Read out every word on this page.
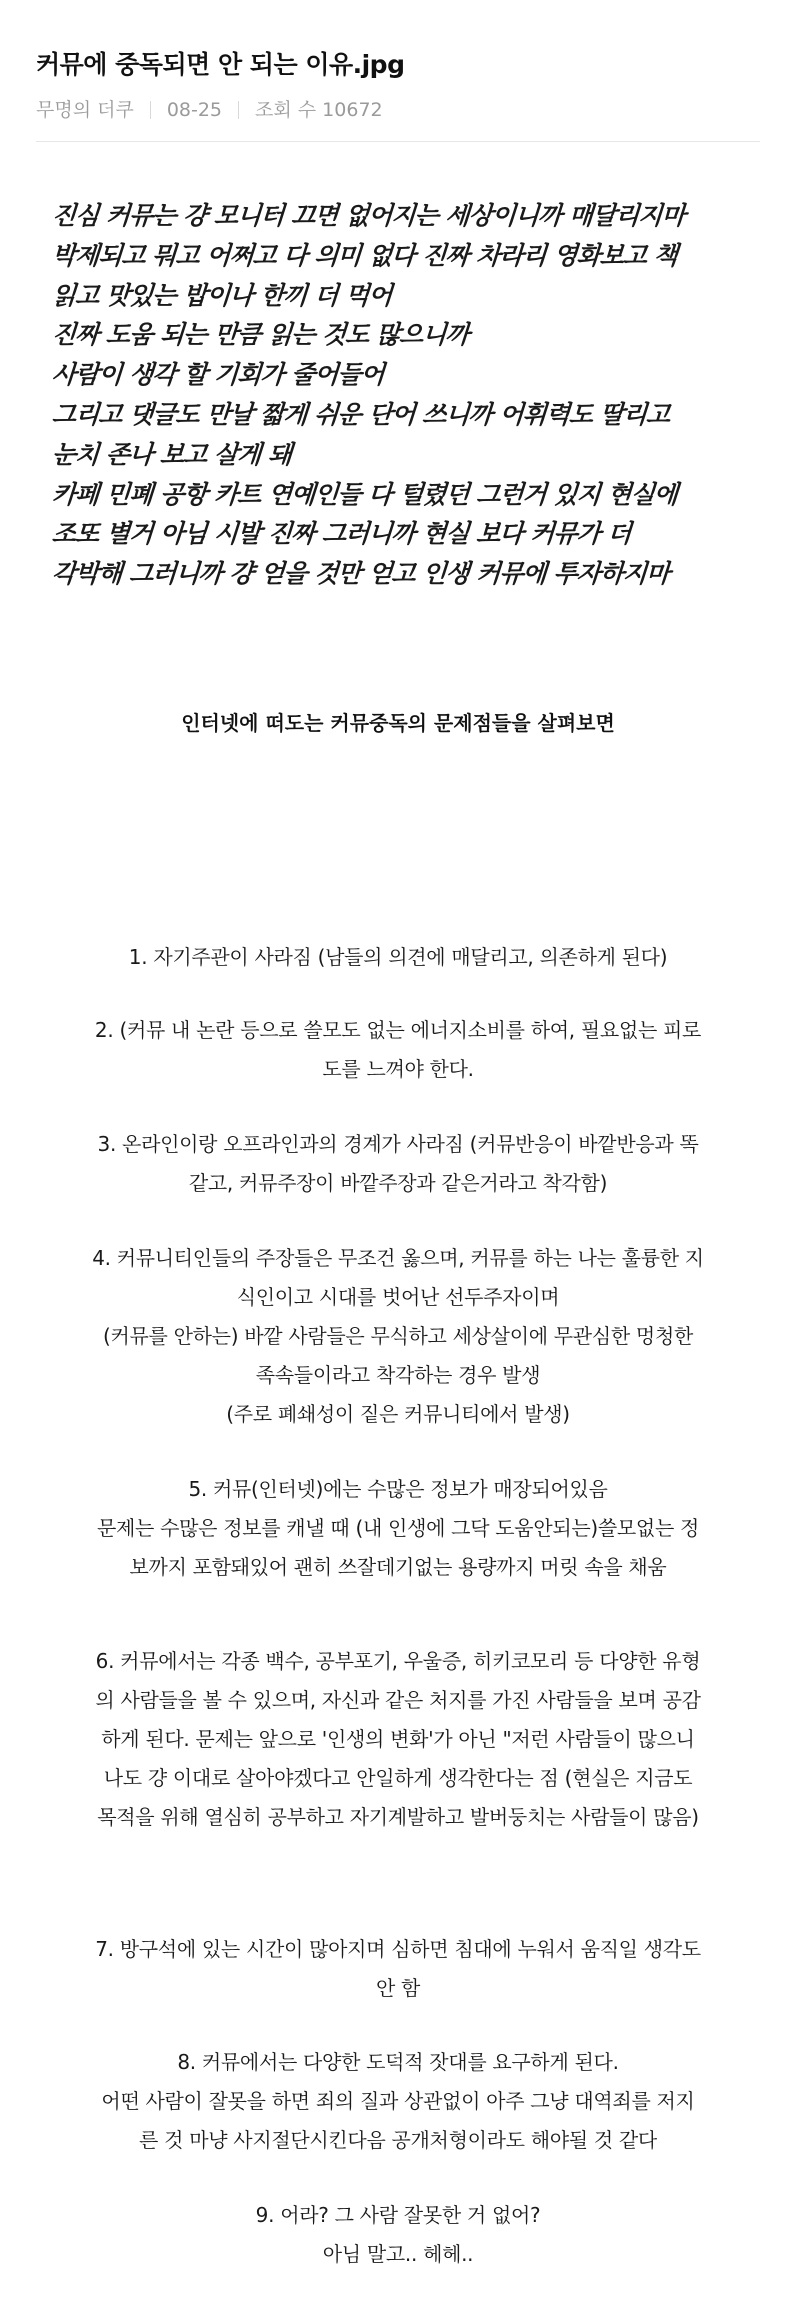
커뮤에 중독되면 안 되는 이유.jpg
무명의 더쿠 08-25 조회 수 10672
진심 커뮤는 걍 모니터 끄면 없어지는 세상이니까 매달리지마
박제되고 뭐고 어쩌고 다 의미 없다 진짜 차라리 영화보고 책
읽고 맛있는 밥이나 한끼 더 먹어
진짜 도움 되는 만큼 읽는 것도 많으니까
사람이 생각 할 기회가 줄어들어
그리고 댓글도 만날 짧게 쉬운 단어 쓰니까 어휘력도 딸리고
눈치 존나 보고 살게 돼
카페 민폐 공항 카트 연예인들 다 털렸던 그런거 있지 현실에
조또 별거 아님 시발 진짜 그러니까 현실 보다 커뮤가 더
각박해 그러니까 걍 얻을 것만 얻고 인생 커뮤에 투자하지마
인터넷에 떠도는 커뮤중독의 문제점들을 살펴보면
1. 자기주관이 사라짐 (남들의 의견에 매달리고, 의존하게 된다)
2. (커뮤 내 논란 등으로 쓸모도 없는 에너지소비를 하여, 필요없는 피로
도를 느껴야 한다.
3. 온라인이랑 오프라인과의 경계가 사라짐 (커뮤반응이 바깥반응과 똑
같고, 커뮤주장이 바깥주장과 같은거라고 착각함)
4. 커뮤니티인들의 주장들은 무조건 옳으며, 커뮤를 하는 나는 훌륭한 지
식인이고 시대를 벗어난 선두주자이며
(커뮤를 안하는) 바깥 사람들은 무식하고 세상살이에 무관심한 멍청한
족속들이라고 착각하는 경우 발생
(주로 폐쇄성이 짙은 커뮤니티에서 발생)
5. 커뮤(인터넷)에는 수많은 정보가 매장되어있음
문제는 수많은 정보를 캐낼 때 (내 인생에 그닥 도움안되는)쓸모없는 정
보까지 포함돼있어 괜히 쓰잘데기없는 용량까지 머릿 속을 채움
6. 커뮤에서는 각종 백수, 공부포기, 우울증, 히키코모리 등 다양한 유형
의 사람들을 볼 수 있으며, 자신과 같은 처지를 가진 사람들을 보며 공감
하게 된다. 문제는 앞으로 '인생의 변화'가 아닌 "저런 사람들이 많으니
나도 걍 이대로 살아야겠다고 안일하게 생각한다는 점 (현실은 지금도
목적을 위해 열심히 공부하고 자기계발하고 발버둥치는 사람들이 많음)
7. 방구석에 있는 시간이 많아지며 심하면 침대에 누워서 움직일 생각도
안 함
8. 커뮤에서는 다양한 도덕적 잣대를 요구하게 된다.
어떤 사람이 잘못을 하면 죄의 질과 상관없이 아주 그냥 대역죄를 저지
른 것 마냥 사지절단시킨다음 공개처형이라도 해야될 것 같다
9. 어라? 그 사람 잘못한 거 없어?
아님 말고.. 헤헤..
